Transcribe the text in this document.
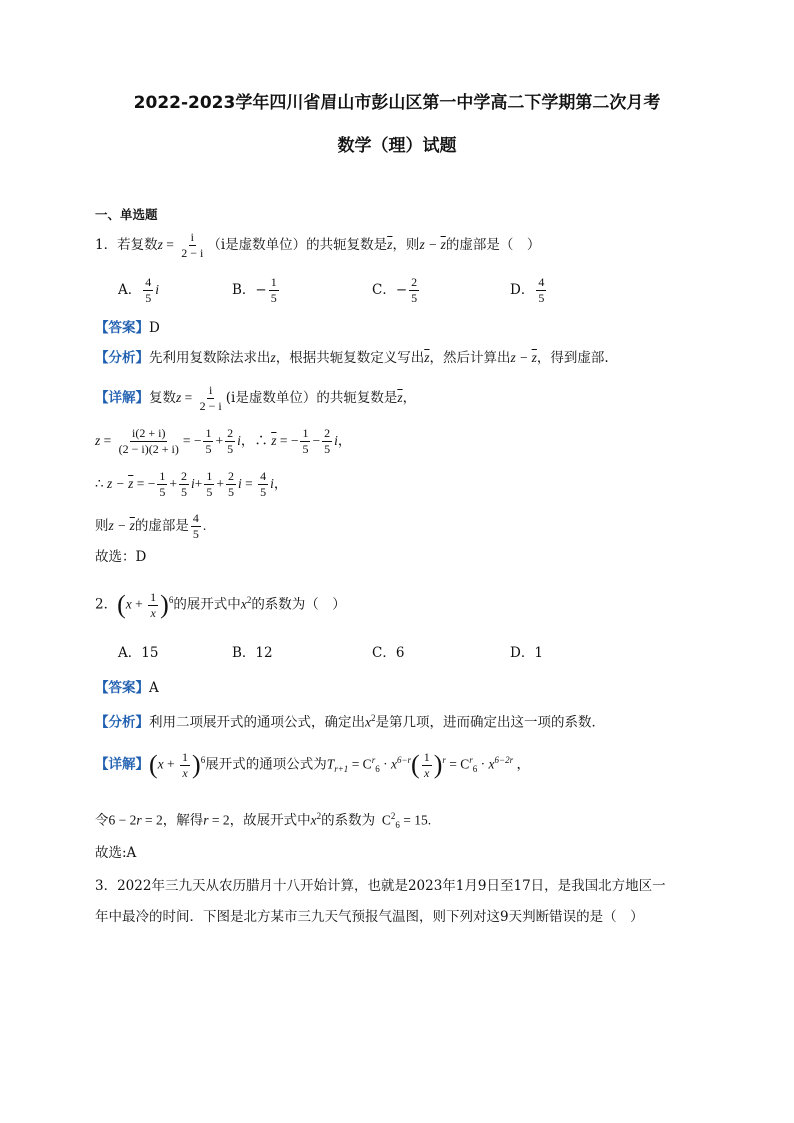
2022-2023学年四川省眉山市彭山区第一中学高二下学期第二次月考
数学（理）试题
一、单选题
1．若复数$z = \frac{i}{2 - i} (i$是虚数单位）的共轭复数是$\overline{z}$，则$z - \overline{z}$的虚部是（　）
A． $\frac{4}{5}$ i	B．− $\frac{1}{5}$	C．− $\frac{2}{5}$	D． $\frac{4}{5}$
【答案】D
【分析】先利用复数除法求出z，根据共轭复数定义写出$\overline{z}$，然后计算出$z - \overline{z}$，得到虚部.
【详解】复数$z = \frac{i}{2 - i} (i$是虚数单位）的共轭复数是$\overline{z}$，
$z = \frac{i(2 + i)}{(2 - i)(2 + i)}$ = − $\frac{1}{5} + \frac{2}{5}$ i，∴ $\overline{z}$ = − $\frac{1}{5} - \frac{2}{5}$ i，
∴ $z - \overline{z}$ = − $\frac{1}{5} + \frac{2}{5} i+ \frac{1}{5} + \frac{2}{5}$ $i = \frac{4}{5}$ i，
则$z - \overline{z}$的虚部是 $\frac{4}{5}$ .
故选：D
2．$(x + \frac{1}{x} )^6$的展开式中$x^2$的系数为（　）
A．15	B．12	C．6	D．1
【答案】A
【分析】利用二项展开式的通项公式，确定出$x^2$是第几项，进而确定出这一项的系数．
【详解】$(x + \frac{1}{x} )^6$展开式的通项公式为$T_{r+1} = C^r_6 \cdot x^{6-r}( \frac{1}{x} )^r = C^r_6 \cdot x^{6-2r}$ ，
令6 − 2r = 2，解得r = 2，故展开式中$x^2$的系数为  $C^2_6 = 15$.
故选:A
3．2022年三九天从农历腊月十八开始计算，也就是2023年1月9日至17日，是我国北方地区一
年中最冷的时间．下图是北方某市三九天气预报气温图，则下列对这9天判断错误的是（　）
